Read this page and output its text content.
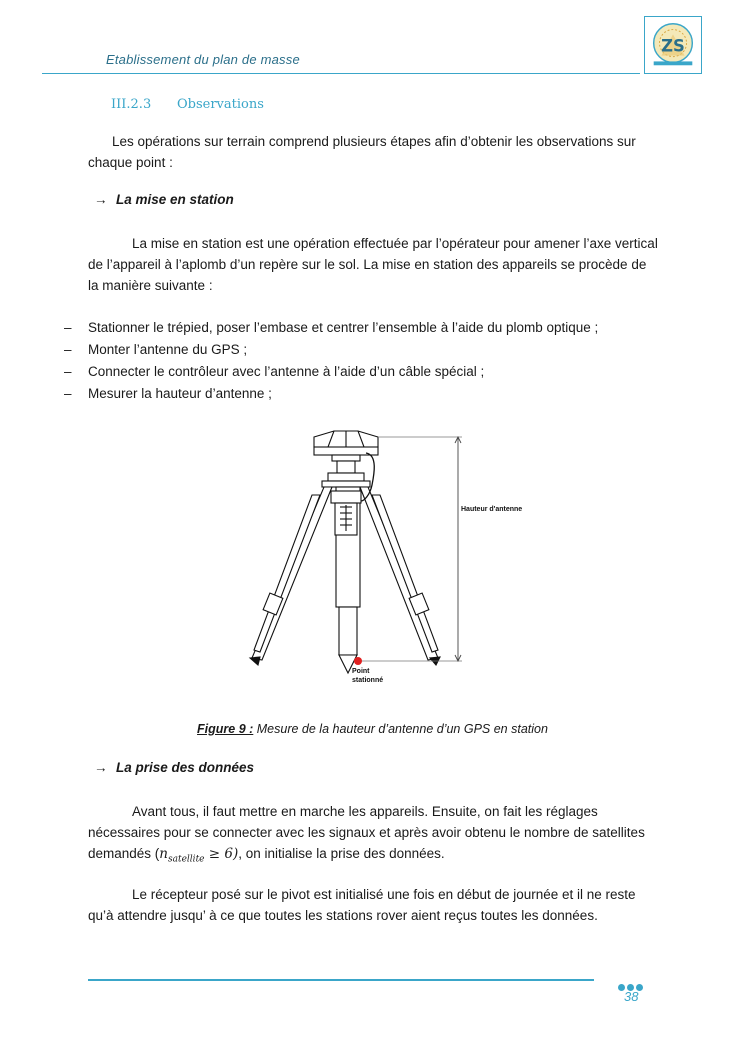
Etablissement du plan de masse
ZS
III.2.3 Observations
Les opérations sur terrain comprend plusieurs étapes afin d’obtenir les observations sur chaque point :
→ La mise en station
La mise en station est une opération effectuée par l’opérateur pour amener l’axe vertical de l’appareil à l’aplomb d’un repère sur le sol. La mise en station des appareils se procède de la manière suivante :
–	Stationner le trépied, poser l’embase et centrer l’ensemble à l’aide du plomb optique ;
–	Monter l’antenne du GPS ;
–	Connecter le contrôleur avec l’antenne à l’aide d’un câble spécial ;
–	Mesurer la hauteur d’antenne ;
Hauteur d'antenne
Point
stationné
Figure 9 : Mesure de la hauteur d’antenne d’un GPS en station
→ La prise des données
Avant tous, il faut mettre en marche les appareils. Ensuite, on fait les réglages nécessaires pour se connecter avec les signaux et après avoir obtenu le nombre de satellites demandés $(n_{satellite} \ge 6)$, on initialise la prise des données.
Le récepteur posé sur le pivot est initialisé une fois en début de journée et il ne reste qu’à attendre jusqu’ à ce que toutes les stations rover aient reçus toutes les données.
38
